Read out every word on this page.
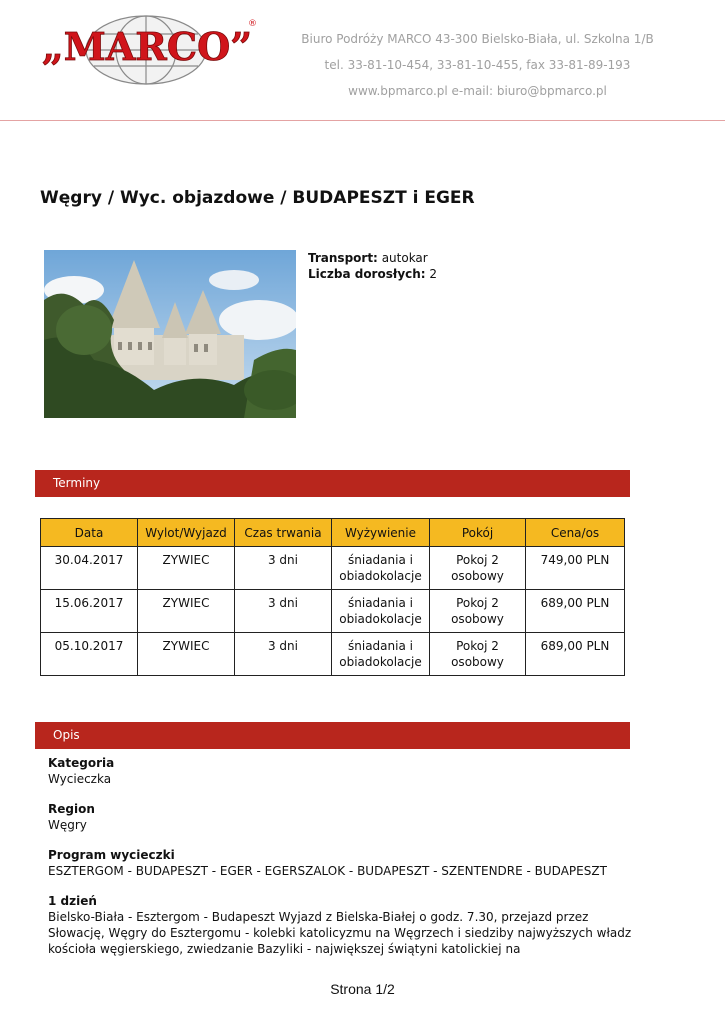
„MARCO”
®
Biuro Podróży MARCO 43-300 Bielsko-Biała, ul. Szkolna 1/B
tel. 33-81-10-454, 33-81-10-455, fax 33-81-89-193
www.bpmarco.pl e-mail: biuro@bpmarco.pl
Węgry / Wyc. objazdowe / BUDAPESZT i EGER
Transport: autokar
Liczba dorosłych: 2
Terminy
Data	Wylot/Wyjazd	Czas trwania	Wyżywienie	Pokój	Cena/os
30.04.2017	ZYWIEC	3 dni	śniadania i obiadokolacje	Pokoj 2 osobowy	749,00 PLN
15.06.2017	ZYWIEC	3 dni	śniadania i obiadokolacje	Pokoj 2 osobowy	689,00 PLN
05.10.2017	ZYWIEC	3 dni	śniadania i obiadokolacje	Pokoj 2 osobowy	689,00 PLN
Opis
Kategoria
Wycieczka
Region
Węgry
Program wycieczki
ESZTERGOM - BUDAPESZT - EGER - EGERSZALOK - BUDAPESZT - SZENTENDRE - BUDAPESZT
1 dzień
Bielsko-Biała - Esztergom - Budapeszt Wyjazd z Bielska-Białej o godz. 7.30, przejazd przez Słowację, Węgry do Esztergomu - kolebki katolicyzmu na Węgrzech i siedziby najwyższych władz kościoła węgierskiego, zwiedzanie Bazyliki - największej świątyni katolickiej na
Strona 1/2
